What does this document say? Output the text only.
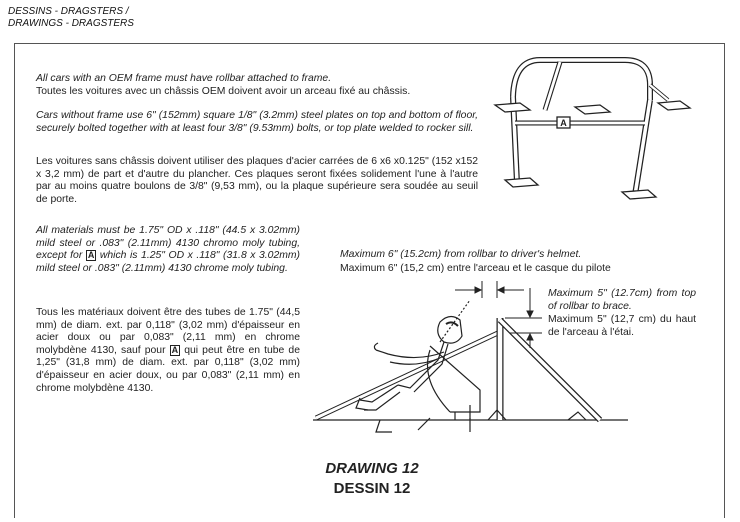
DESSINS - DRAGSTERS /
DRAWINGS - DRAGSTERS
All cars with an OEM frame must have rollbar attached to frame.
Toutes les voitures avec un châssis OEM doivent avoir un arceau fixé au châssis.
Cars without frame use 6" (152mm) square 1/8" (3.2mm) steel plates on top and bottom of floor, securely bolted together with at least four 3/8" (9.53mm) bolts, or top plate welded to rocker sill.
Les voitures sans châssis doivent utiliser des plaques d'acier carrées de 6 x6 x0.125" (152 x152 x 3,2 mm) de part et d'autre du plancher. Ces plaques seront fixées solidement l'une à l'autre par au moins quatre boulons de 3/8" (9,53 mm), ou la plaque supérieure sera soudée au seuil de porte.
All materials must be 1.75" OD x .118" (44.5 x 3.02mm) mild steel or .083" (2.11mm) 4130 chromo moly tubing, except for A which is 1.25" OD x .118" (31.8 x 3.02mm) mild steel or .083" (2.11mm) 4130 chrome moly tubing.
Tous les matériaux doivent être des tubes de 1.75" (44,5 mm) de diam. ext. par 0,118" (3,02 mm) d'épaisseur en acier doux ou par 0,083" (2,11 mm) en chrome molybdène 4130, sauf pour A qui peut être en tube de 1,25" (31,8 mm) de diam. ext. par 0,118" (3,02 mm) d'épaisseur en acier doux, ou par 0,083" (2,11 mm) en chrome molybdène 4130.
A
Maximum 6" (15.2cm) from rollbar to driver's helmet.
Maximum 6" (15,2 cm) entre l'arceau et le casque du pilote
Maximum 5" (12.7cm) from top of rollbar to brace.
Maximum 5" (12,7 cm) du haut de l'arceau à l'étai.
DRAWING 12
DESSIN 12
